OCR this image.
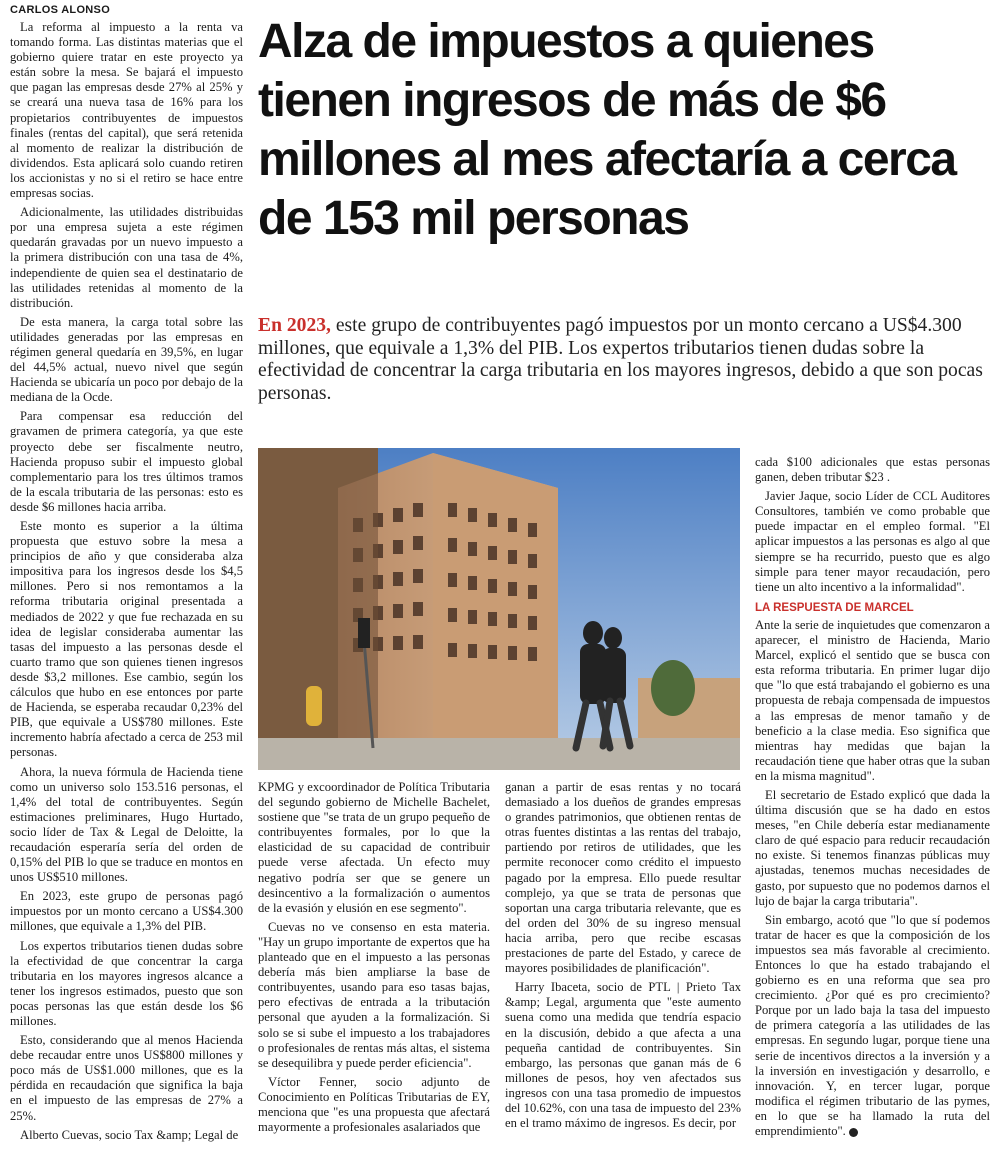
CARLOS ALONSO
Alza de impuestos a quienes tienen ingresos de más de $6 millones al mes afectaría a cerca de 153 mil personas

En 2023, este grupo de contribuyentes pagó impuestos por un monto cercano a US$4.300 millones, que equivale a 1,3% del PIB. Los expertos tributarios tienen dudas sobre la efectividad de concentrar la carga tributaria en los mayores ingresos, debido a que son pocas personas.

La reforma al impuesto a la renta va tomando forma. Las distintas materias que el gobierno quiere tratar en este proyecto ya están sobre la mesa. Se bajará el impuesto que pagan las empresas desde 27% al 25% y se creará una nueva tasa de 16% para los propietarios contribuyentes de impuestos finales (rentas del capital), que será retenida al momento de realizar la distribución de dividendos. Esta aplicará solo cuando retiren los accionistas y no si el retiro se hace entre empresas socias.

Adicionalmente, las utilidades distribuidas por una empresa sujeta a este régimen quedarán gravadas por un nuevo impuesto a la primera distribución con una tasa de 4%, independiente de quien sea el destinatario de las utilidades retenidas al momento de la distribución.

De esta manera, la carga total sobre las utilidades generadas por las empresas en régimen general quedaría en 39,5%, en lugar del 44,5% actual, nuevo nivel que según Hacienda se ubicaría un poco por debajo de la mediana de la Ocde.

Para compensar esa reducción del gravamen de primera categoría, ya que este proyecto debe ser fiscalmente neutro, Hacienda propuso subir el impuesto global complementario para los tres últimos tramos de la escala tributaria de las personas: esto es desde $6 millones hacia arriba.

Este monto es superior a la última propuesta que estuvo sobre la mesa a principios de año y que consideraba alza impositiva para los ingresos desde los $4,5 millones. Pero si nos remontamos a la reforma tributaria original presentada a mediados de 2022 y que fue rechazada en su idea de legislar consideraba aumentar las tasas del impuesto a las personas desde el cuarto tramo que son quienes tienen ingresos desde $3,2 millones. Ese cambio, según los cálculos que hubo en ese entonces por parte de Hacienda, se esperaba recaudar 0,23% del PIB, que equivale a US$780 millones. Este incremento habría afectado a cerca de 253 mil personas.

Ahora, la nueva fórmula de Hacienda tiene como un universo solo 153.516 personas, el 1,4% del total de contribuyentes. Según estimaciones preliminares, Hugo Hurtado, socio líder de Tax & Legal de Deloitte, la recaudación esperaría sería del orden de 0,15% del PIB lo que se traduce en montos en unos US$510 millones.

En 2023, este grupo de personas pagó impuestos por un monto cercano a US$4.300 millones, que equivale a 1,3% del PIB.

Los expertos tributarios tienen dudas sobre la efectividad de que concentrar la carga tributaria en los mayores ingresos alcance a tener los ingresos estimados, puesto que son pocas personas las que están desde los $6 millones.

Esto, considerando que al menos Hacienda debe recaudar entre unos US$800 millones y poco más de US$1.000 millones, que es la pérdida en recaudación que significa la baja en el impuesto de las empresas de 27% a 25%.

Alberto Cuevas, socio Tax &amp; Legal de

KPMG y excoordinador de Política Tributaria del segundo gobierno de Michelle Bachelet, sostiene que "se trata de un grupo pequeño de contribuyentes formales, por lo que la elasticidad de su capacidad de contribuir puede verse afectada. Un efecto muy negativo podría ser que se genere un desincentivo a la formalización o aumentos de la evasión y elusión en ese segmento".

Cuevas no ve consenso en esta materia. "Hay un grupo importante de expertos que ha planteado que en el impuesto a las personas debería más bien ampliarse la base de contribuyentes, usando para eso tasas bajas, pero efectivas de entrada a la tributación personal que ayuden a la formalización. Si solo se si sube el impuesto a los trabajadores o profesionales de rentas más altas, el sistema se desequilibra y puede perder eficiencia".

Víctor Fenner, socio adjunto de Conocimiento en Políticas Tributarias de EY, menciona que "es una propuesta que afectará mayormente a profesionales asalariados que

ganan a partir de esas rentas y no tocará demasiado a los dueños de grandes empresas o grandes patrimonios, que obtienen rentas de otras fuentes distintas a las rentas del trabajo, partiendo por retiros de utilidades, que les permite reconocer como crédito el impuesto pagado por la empresa. Ello puede resultar complejo, ya que se trata de personas que soportan una carga tributaria relevante, que es del orden del 30% de su ingreso mensual hacia arriba, pero que recibe escasas prestaciones de parte del Estado, y carece de mayores posibilidades de planificación".

Harry Ibaceta, socio de PTL | Prieto Tax &amp; Legal, argumenta que "este aumento suena como una medida que tendría espacio en la discusión, debido a que afecta a una pequeña cantidad de contribuyentes. Sin embargo, las personas que ganan más de 6 millones de pesos, hoy ven afectados sus ingresos con una tasa promedio de impuestos del 10.62%, con una tasa de impuesto del 23% en el tramo máximo de ingresos. Es decir, por

cada $100 adicionales que estas personas ganen, deben tributar $23 .

Javier Jaque, socio Líder de CCL Auditores Consultores, también ve como probable que puede impactar en el empleo formal. "El aplicar impuestos a las personas es algo al que siempre se ha recurrido, puesto que es algo simple para tener mayor recaudación, pero tiene un alto incentivo a la informalidad".

LA RESPUESTA DE MARCEL

Ante la serie de inquietudes que comenzaron a aparecer, el ministro de Hacienda, Mario Marcel, explicó el sentido que se busca con esta reforma tributaria. En primer lugar dijo que "lo que está trabajando el gobierno es una propuesta de rebaja compensada de impuestos a las empresas de menor tamaño y de beneficio a la clase media. Eso significa que mientras hay medidas que bajan la recaudación tiene que haber otras que la suban en la misma magnitud".

El secretario de Estado explicó que dada la última discusión que se ha dado en estos meses, "en Chile debería estar medianamente claro de qué espacio para reducir recaudación no existe. Si tenemos finanzas públicas muy ajustadas, tenemos muchas necesidades de gasto, por supuesto que no podemos darnos el lujo de bajar la carga tributaria".

Sin embargo, acotó que "lo que sí podemos tratar de hacer es que la composición de los impuestos sea más favorable al crecimiento. Entonces lo que ha estado trabajando el gobierno es en una reforma que sea pro crecimiento. ¿Por qué es pro crecimiento? Porque por un lado baja la tasa del impuesto de primera categoría a las utilidades de las empresas. En segundo lugar, porque tiene una serie de incentivos directos a la inversión y a la inversión en investigación y desarrollo, e innovación. Y, en tercer lugar, porque modifica el régimen tributario de las pymes, en lo que se ha llamado la ruta del emprendimiento".
